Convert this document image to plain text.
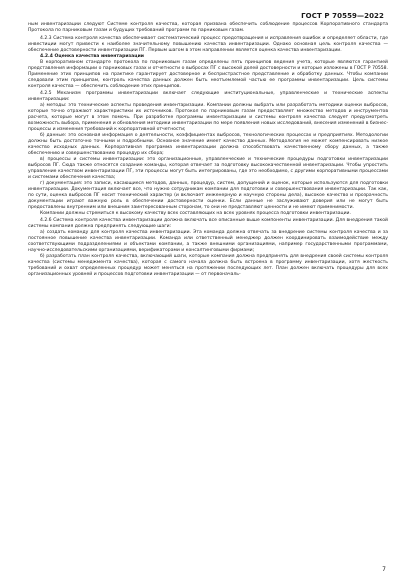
ГОСТ Р 70559—2022

ным инвентаризации следуют Системе контроля качества, которая призвана обеспечить соблюдение процессов Корпоративного стандарта Протокола по парниковым газам и будущих требований программ по парниковым газам.

4.2.3 Система контроля качества обеспечивает систематический процесс предотвращения и исправления ошибок и определяет области, где инвестиции могут привести к наиболее значительному повышению качества инвентаризации. Однако основная цель контроля качества — обеспечение достоверности инвентаризации ПГ. Первым шагом в этом направлении является оценка качества инвентаризации.

4.2.4 Оценка качества инвентаризации

В корпоративном стандарте протокола по парниковым газам определены пять принципов ведения учета, которые являются гарантией представления информации о парниковых газах и отчетности о выбросах ПГ с высокой долей достоверности и которые изложены в ГОСТ Р 70558. Применение этих принципов на практике гарантирует достоверное и беспристрастное представление и обработку данных. Чтобы компании следовали этим принципам, контроль качества данных должен быть неотъемлемой частью ее программы инвентаризации. Цель системы контроля качества — обеспечить соблюдение этих принципов.

4.2.5 Механизм программы инвентаризации включает следующие институциональные, управленческие и технические аспекты инвентаризации:

а) методы: это технические аспекты проведения инвентаризации. Компании должны выбрать или разработать методики оценки выбросов, которые точно отражают характеристики их источников. Протокол по парниковым газам предоставляет множество методов и инструментов расчета, которые могут в этом помочь. При разработке программы инвентаризации и системы контроля качества следует предусмотреть возможность выбора, применения и обновления методики инвентаризации по мере появления новых исследований, внесения изменений в бизнес-процессы и изменения требований к корпоративной отчетности;

б) данные: это основная информация о деятельности, коэффициентах выбросов, технологических процессах и предприятиях. Методологии должны быть достаточно точными и подробными. Основное значение имеет качество данных. Методология не может компенсировать низкое качество исходных данных. Корпоративная программа инвентаризации должна способствовать качественному сбору данных, а также обеспечению и совершенствованию процедур их сбора;

в) процессы и системы инвентаризации: это организационные, управленческие и технические процедуры подготовки инвентаризации выбросов ПГ. Сюда также относятся создание команды, которая отвечает за подготовку высококачественной инвентаризации. Чтобы упростить управление качеством инвентаризации ПГ, эти процессы могут быть интегрированы, где это необходимо, с другими корпоративными процессами и системами обеспечения качества;

г) документация: это записи, касающиеся методов, данных, процедур, систем, допущений и оценок, которые используются для подготовки инвентаризации. Документация включает все, что нужно сотрудникам компании для подготовки и совершенствования инвентаризации. Так как, по сути, оценка выбросов ПГ носит технический характер (и включает инженерную и научную стороны дела), высокое качество и прозрачность документации играют важную роль в обеспечении достоверности оценки. Если данные не заслуживают доверия или не могут быть предоставлены внутренним или внешним заинтересованным сторонам, то они не представляют ценности и не имеют применимости.

Компании должны стремиться к высокому качеству всех составляющих на всех уровнях процесса подготовки инвентаризации.

4.2.6 Система контроля качества инвентаризации должна включать все описанные выше компоненты инвентаризации. Для внедрения такой системы компания должна предпринять следующие шаги:

а) создать команду для контроля качества инвентаризации. Эта команда должна отвечать за внедрение системы контроля качества и за постоянное повышение качества инвентаризации. Команда или ответственный менеджер должен координировать взаимодействие между соответствующими подразделениями и объектами компании, а также внешними организациями, например государственными программами, научно-исследовательскими организациями, верификаторами и консалтинговыми фирмами;

б) разработать план контроля качества, включающий шаги, которые компания должна предпринять для внедрения своей системы контроля качества (системы менеджмента качества), которая с самого начала должна быть встроена в программу инвентаризации, хотя жесткость требований и охват определенных процедур может меняться на протяжении последующих лет. План должен включать процедуры для всех организационных уровней и процессов подготовки инвентаризации — от первоначаль-

7
